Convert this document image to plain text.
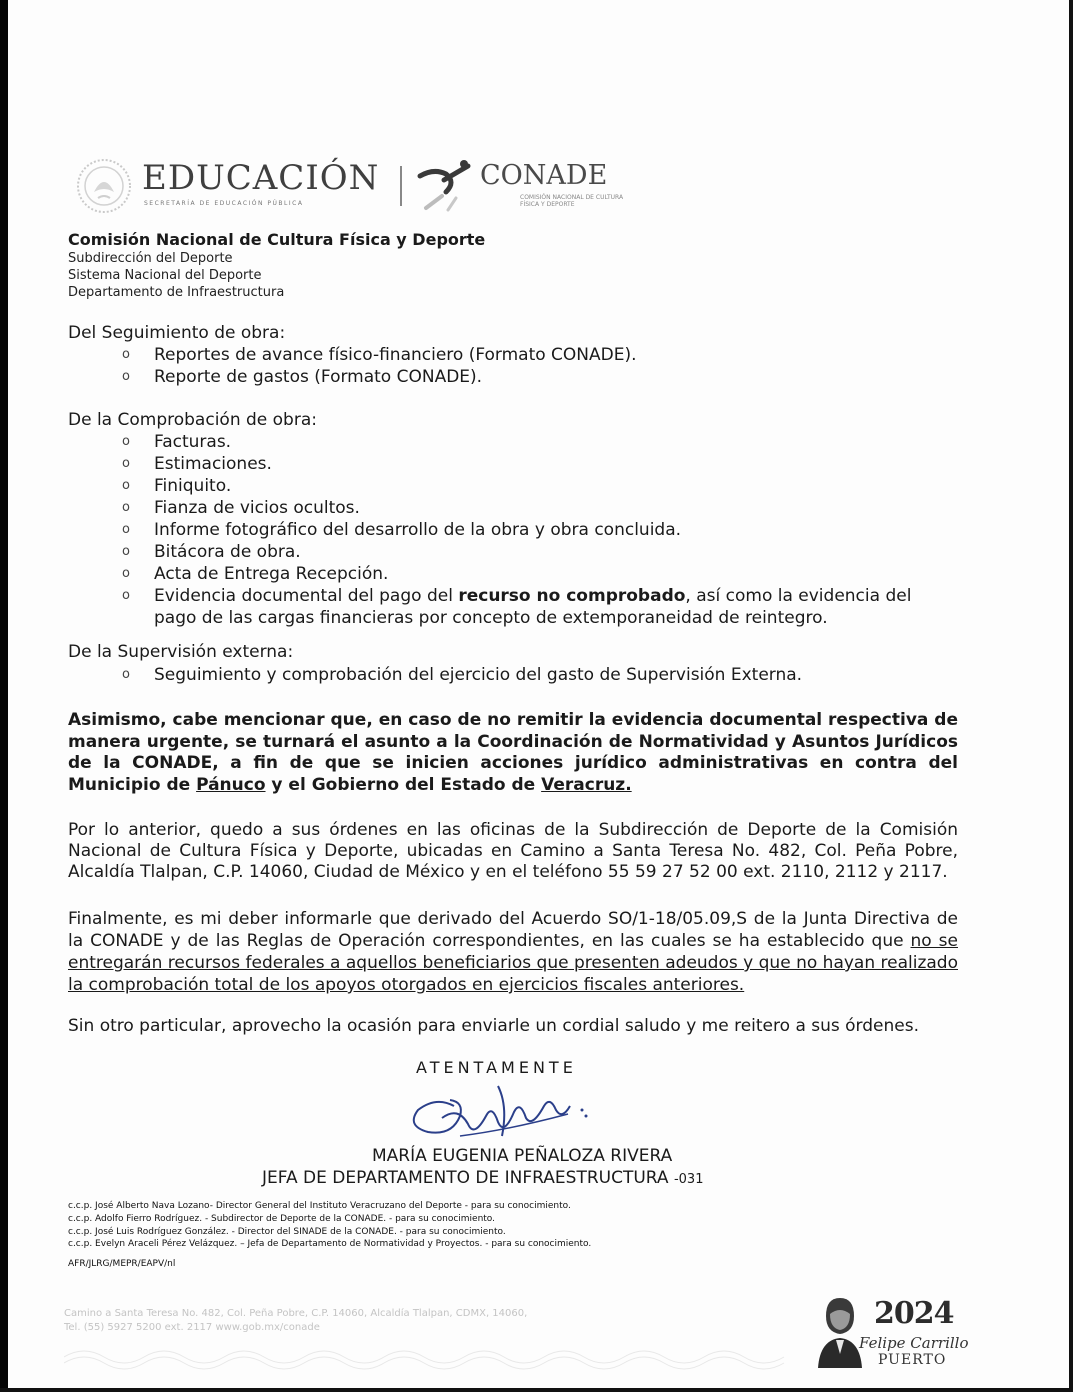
EDUCACIÓN
SECRETARÍA DE EDUCACIÓN PÚBLICA
CONADE
COMISIÓN NACIONAL DE CULTURA FÍSICA Y DEPORTE
Comisión Nacional de Cultura Física y Deporte
Subdirección del Deporte
Sistema Nacional del Deporte
Departamento de Infraestructura
Del Seguimiento de obra:
o Reportes de avance físico-financiero (Formato CONADE).
o Reporte de gastos (Formato CONADE).
De la Comprobación de obra:
o Facturas.
o Estimaciones.
o Finiquito.
o Fianza de vicios ocultos.
o Informe fotográfico del desarrollo de la obra y obra concluida.
o Bitácora de obra.
o Acta de Entrega Recepción.
o Evidencia documental del pago del recurso no comprobado, así como la evidencia del pago de las cargas financieras por concepto de extemporaneidad de reintegro.
De la Supervisión externa:
o Seguimiento y comprobación del ejercicio del gasto de Supervisión Externa.

Asimismo, cabe mencionar que, en caso de no remitir la evidencia documental respectiva de manera urgente, se turnará el asunto a la Coordinación de Normatividad y Asuntos Jurídicos de la CONADE, a fin de que se inicien acciones jurídico administrativas en contra del Municipio de Pánuco y el Gobierno del Estado de Veracruz.

Por lo anterior, quedo a sus órdenes en las oficinas de la Subdirección de Deporte de la Comisión Nacional de Cultura Física y Deporte, ubicadas en Camino a Santa Teresa No. 482, Col. Peña Pobre, Alcaldía Tlalpan, C.P. 14060, Ciudad de México y en el teléfono 55 59 27 52 00 ext. 2110, 2112 y 2117.

Finalmente, es mi deber informarle que derivado del Acuerdo SO/1-18/05.09,S de la Junta Directiva de la CONADE y de las Reglas de Operación correspondientes, en las cuales se ha establecido que no se entregarán recursos federales a aquellos beneficiarios que presenten adeudos y que no hayan realizado la comprobación total de los apoyos otorgados en ejercicios fiscales anteriores.

Sin otro particular, aprovecho la ocasión para enviarle un cordial saludo y me reitero a sus órdenes.

ATENTAMENTE
MARÍA EUGENIA PEÑALOZA RIVERA
JEFA DE DEPARTAMENTO DE INFRAESTRUCTURA -031
c.c.p. José Alberto Nava Lozano- Director General del Instituto Veracruzano del Deporte - para su conocimiento.
c.c.p. Adolfo Fierro Rodríguez. - Subdirector de Deporte de la CONADE. - para su conocimiento.
c.c.p. José Luis Rodríguez González. - Director del SINADE de la CONADE. - para su conocimiento.
c.c.p. Evelyn Araceli Pérez Velázquez. – Jefa de Departamento de Normatividad y Proyectos. - para su conocimiento.
AFR/JLRG/MEPR/EAPV/nl
Camino a Santa Teresa No. 482, Col. Peña Pobre, C.P. 14060, Alcaldía Tlalpan, CDMX, 14060,
Tel. (55) 5927 5200 ext. 2117 www.gob.mx/conade	2024
Felipe Carrillo
PUERTO
